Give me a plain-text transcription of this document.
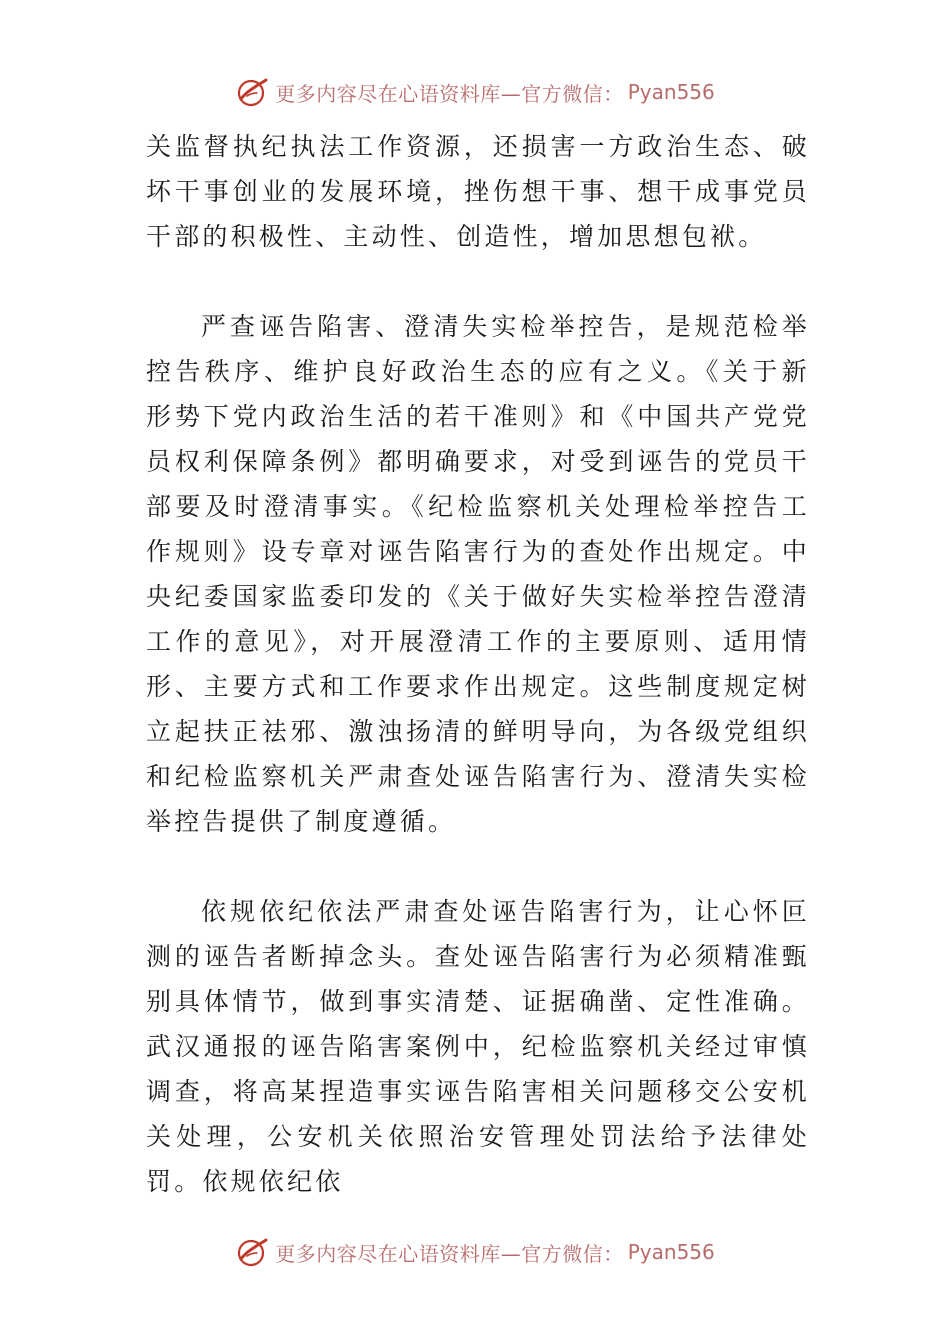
更多内容尽在心语资料库—官方微信： Pyan556

关监督执纪执法工作资源，还损害一方政治生态、破坏干事创业的发展环境，挫伤想干事、想干成事党员干部的积极性、主动性、创造性，增加思想包袱。

严查诬告陷害、澄清失实检举控告，是规范检举控告秩序、维护良好政治生态的应有之义。《关于新形势下党内政治生活的若干准则》和《中国共产党党员权利保障条例》都明确要求，对受到诬告的党员干部要及时澄清事实。《纪检监察机关处理检举控告工作规则》设专章对诬告陷害行为的查处作出规定。中央纪委国家监委印发的《关于做好失实检举控告澄清工作的意见》，对开展澄清工作的主要原则、适用情形、主要方式和工作要求作出规定。这些制度规定树立起扶正祛邪、激浊扬清的鲜明导向，为各级党组织和纪检监察机关严肃查处诬告陷害行为、澄清失实检举控告提供了制度遵循。

依规依纪依法严肃查处诬告陷害行为，让心怀叵测的诬告者断掉念头。查处诬告陷害行为必须精准甄别具体情节，做到事实清楚、证据确凿、定性准确。武汉通报的诬告陷害案例中，纪检监察机关经过审慎调查，将高某捏造事实诬告陷害相关问题移交公安机关处理，公安机关依照治安管理处罚法给予法律处罚。依规依纪依

更多内容尽在心语资料库—官方微信： Pyan556
